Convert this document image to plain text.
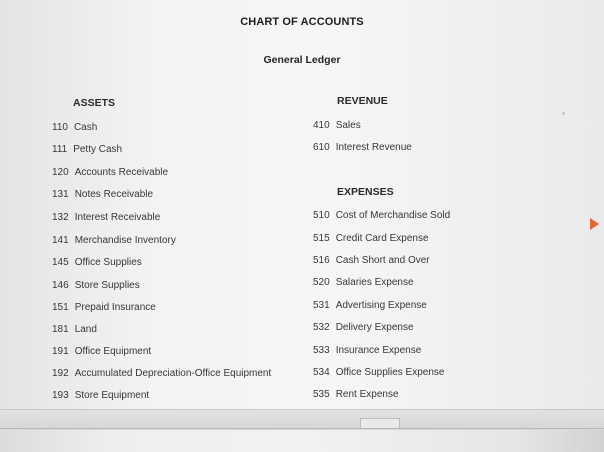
CHART OF ACCOUNTS
General Ledger
ASSETS	REVENUE
EXPENSES
110 Cash
111 Petty Cash
120 Accounts Receivable
131 Notes Receivable
132 Interest Receivable
141 Merchandise Inventory
145 Office Supplies
146 Store Supplies
151 Prepaid Insurance
181 Land
191 Office Equipment
192 Accumulated Depreciation-Office Equipment
193 Store Equipment
410 Sales
610 Interest Revenue
510 Cost of Merchandise Sold
515 Credit Card Expense
516 Cash Short and Over
520 Salaries Expense
531 Advertising Expense
532 Delivery Expense
533 Insurance Expense
534 Office Supplies Expense
535 Rent Expense
